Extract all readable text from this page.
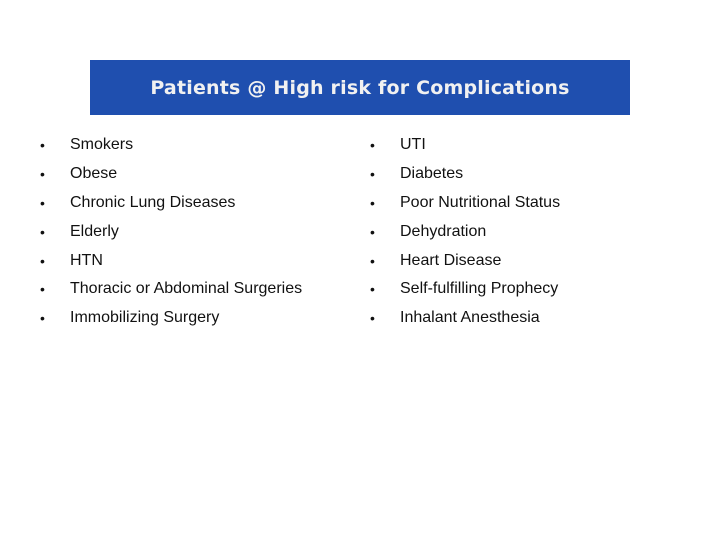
Patients @ High risk for Complications
•	Smokers
•	Obese
•	Chronic Lung Diseases
•	Elderly
•	HTN
•	Thoracic or Abdominal Surgeries
•	Immobilizing Surgery
•	UTI
•	Diabetes
•	Poor Nutritional Status
•	Dehydration
•	Heart Disease
•	Self-fulfilling Prophecy
•	Inhalant Anesthesia
